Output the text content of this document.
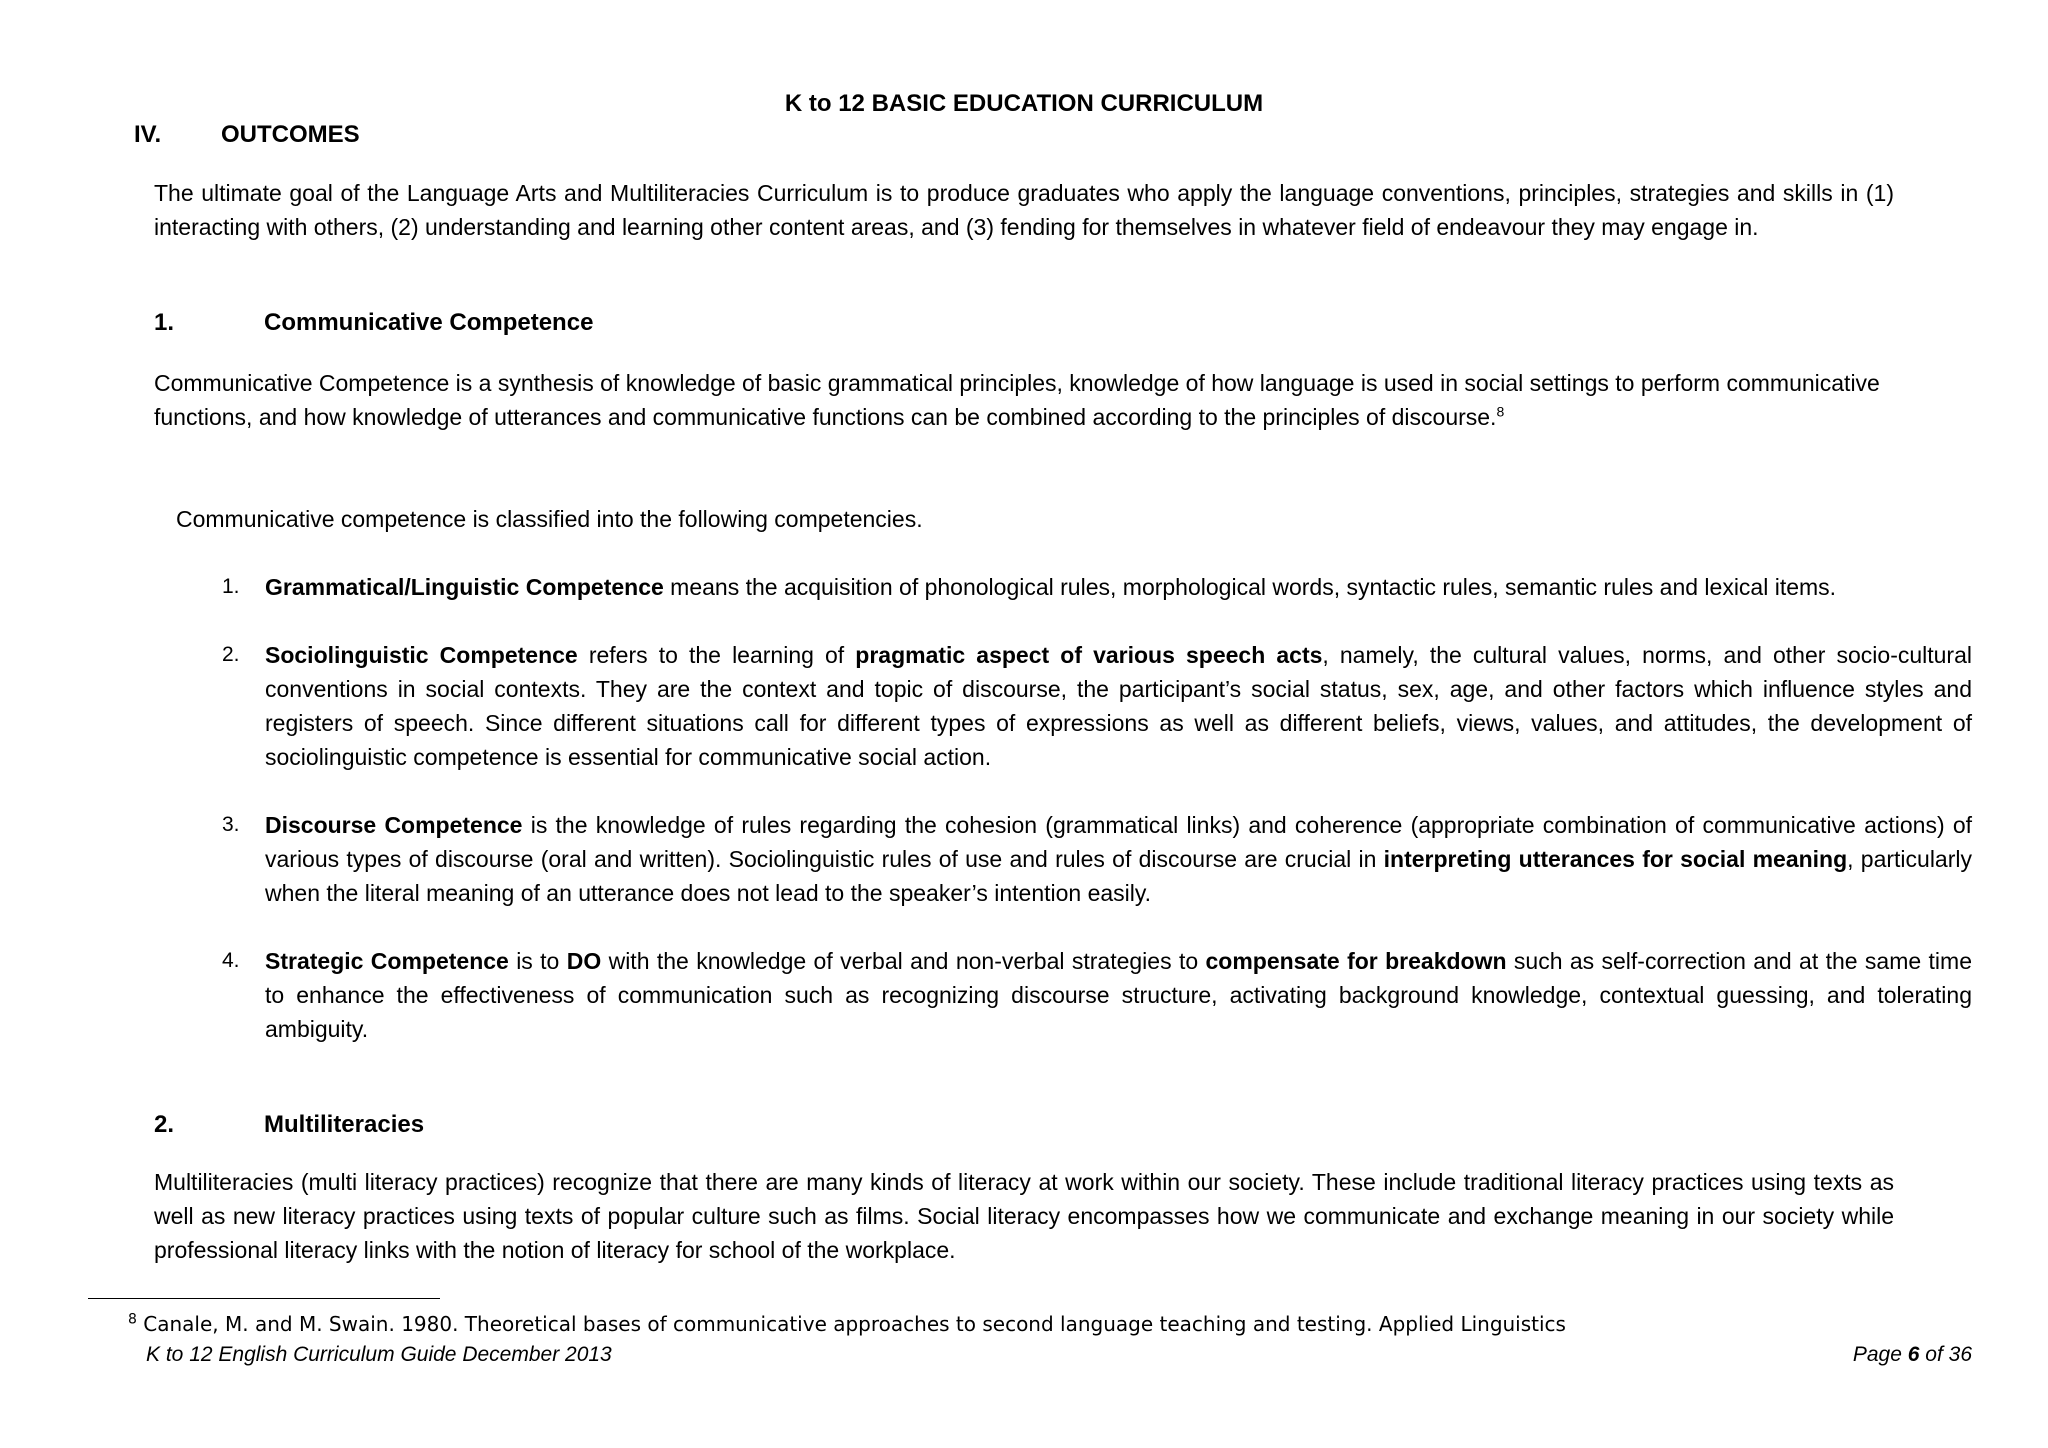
K to 12 BASIC EDUCATION CURRICULUM
IV. OUTCOMES
The ultimate goal of the Language Arts and Multiliteracies Curriculum is to produce graduates who apply the language conventions, principles, strategies and skills in (1) interacting with others, (2) understanding and learning other content areas, and (3) fending for themselves in whatever field of endeavour they may engage in.
1.	Communicative Competence
Communicative Competence is a synthesis of knowledge of basic grammatical principles, knowledge of how language is used in social settings to perform communicative functions, and how knowledge of utterances and communicative functions can be combined according to the principles of discourse.$^8$
Communicative competence is classified into the following competencies.
1. Grammatical/Linguistic Competence means the acquisition of phonological rules, morphological words, syntactic rules, semantic rules and lexical items.
2. Sociolinguistic Competence refers to the learning of pragmatic aspect of various speech acts, namely, the cultural values, norms, and other socio-cultural conventions in social contexts. They are the context and topic of discourse, the participant’s social status, sex, age, and other factors which influence styles and registers of speech. Since different situations call for different types of expressions as well as different beliefs, views, values, and attitudes, the development of sociolinguistic competence is essential for communicative social action.
3. Discourse Competence is the knowledge of rules regarding the cohesion (grammatical links) and coherence (appropriate combination of communicative actions) of various types of discourse (oral and written). Sociolinguistic rules of use and rules of discourse are crucial in interpreting utterances for social meaning, particularly when the literal meaning of an utterance does not lead to the speaker’s intention easily.
4. Strategic Competence is to DO with the knowledge of verbal and non-verbal strategies to compensate for breakdown such as self-correction and at the same time to enhance the effectiveness of communication such as recognizing discourse structure, activating background knowledge, contextual guessing, and tolerating ambiguity.
2.	Multiliteracies
Multiliteracies (multi literacy practices) recognize that there are many kinds of literacy at work within our society. These include traditional literacy practices using texts as well as new literacy practices using texts of popular culture such as films. Social literacy encompasses how we communicate and exchange meaning in our society while professional literacy links with the notion of literacy for school of the workplace.
$^8$ Canale, M. and M. Swain. 1980. Theoretical bases of communicative approaches to second language teaching and testing. Applied Linguistics
K to 12 English Curriculum Guide December 2013	Page 6 of 36
